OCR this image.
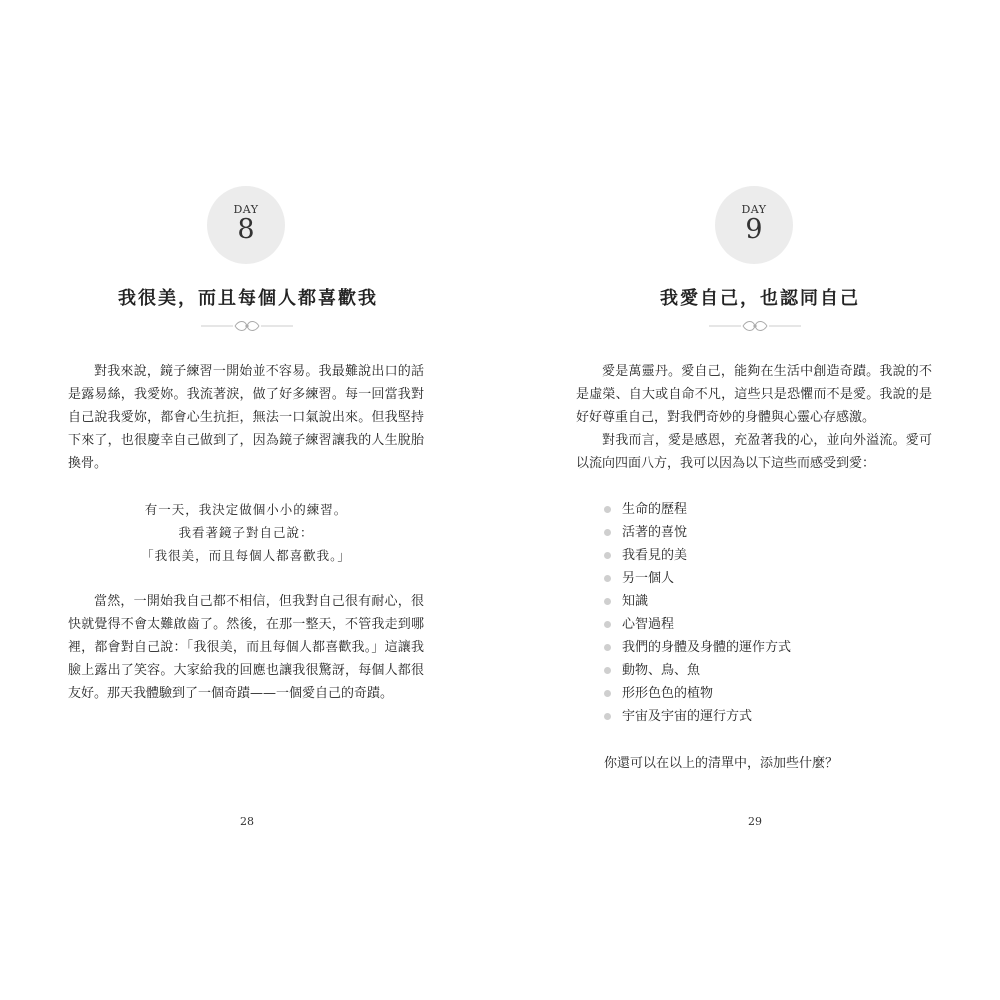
DAY
8
我很美，而且每個人都喜歡我

對我來說，鏡子練習一開始並不容易。我最難說出口的話是露易絲，我愛妳。我流著淚，做了好多練習。每一回當我對自己說我愛妳，都會心生抗拒，無法一口氣說出來。但我堅持下來了，也很慶幸自己做到了，因為鏡子練習讓我的人生脫胎換骨。

有一天，我決定做個小小的練習。

我看著鏡子對自己說：

「我很美，而且每個人都喜歡我。」

當然，一開始我自己都不相信，但我對自己很有耐心，很快就覺得不會太難啟齒了。然後，在那一整天，不管我走到哪裡，都會對自己說：「我很美，而且每個人都喜歡我。」這讓我臉上露出了笑容。大家給我的回應也讓我很驚訝，每個人都很友好。那天我體驗到了一個奇蹟——一個愛自己的奇蹟。

28
DAY
9
我愛自己，也認同自己

愛是萬靈丹。愛自己，能夠在生活中創造奇蹟。我說的不是虛榮、自大或自命不凡，這些只是恐懼而不是愛。我說的是好好尊重自己，對我們奇妙的身體與心靈心存感激。

對我而言，愛是感恩，充盈著我的心，並向外溢流。愛可以流向四面八方，我可以因為以下這些而感受到愛：

生命的歷程
活著的喜悅
我看見的美
另一個人
知識
心智過程
我們的身體及身體的運作方式
動物、鳥、魚
形形色色的植物
宇宙及宇宙的運行方式
你還可以在以上的清單中，添加些什麼？
29
